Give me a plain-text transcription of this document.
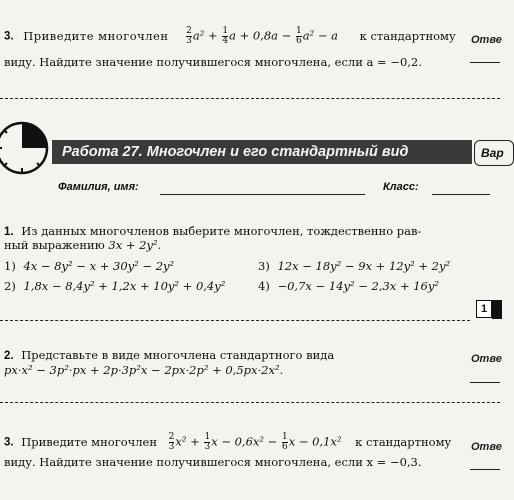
3. Приведите многочлен $\frac{2}{3} a^2 + \frac{1}{4}$ $a + 0,8a - \frac{1}{6} a^2 - a$ к стандартному
виду. Найдите значение получившегося многочлена, если a = −0,2.
Отве
Работа 27. Многочлен и его стандартный вид	Вар
Фамилия, имя:	Класс:
1. Из данных многочленов выберите многочлен, тождественно рав-
ный выражению 3x + 2y².
1) 4x − 8y² − x + 30y² − 2y²	3) 12x − 18y² − 9x + 12y² + 2y²
2) 1,8x − 8,4y² + 1,2x + 10y² + 0,4y²	4) −0,7x − 14y² − 2,3x + 16y²
1
2. Представьте в виде многочлена стандартного вида
px·x² − 3p²·px + 2p·3p²x − 2px·2p² + 0,5px·2x².
Отве
3. Приведите многочлен $\frac{2}{3} x^2 + \frac{1}{3}$ $x - 0,6x^2 - \frac{1}{6}$ x − 0,1x² к стандартному
виду. Найдите значение получившегося многочлена, если x = −0,3.
Отве
